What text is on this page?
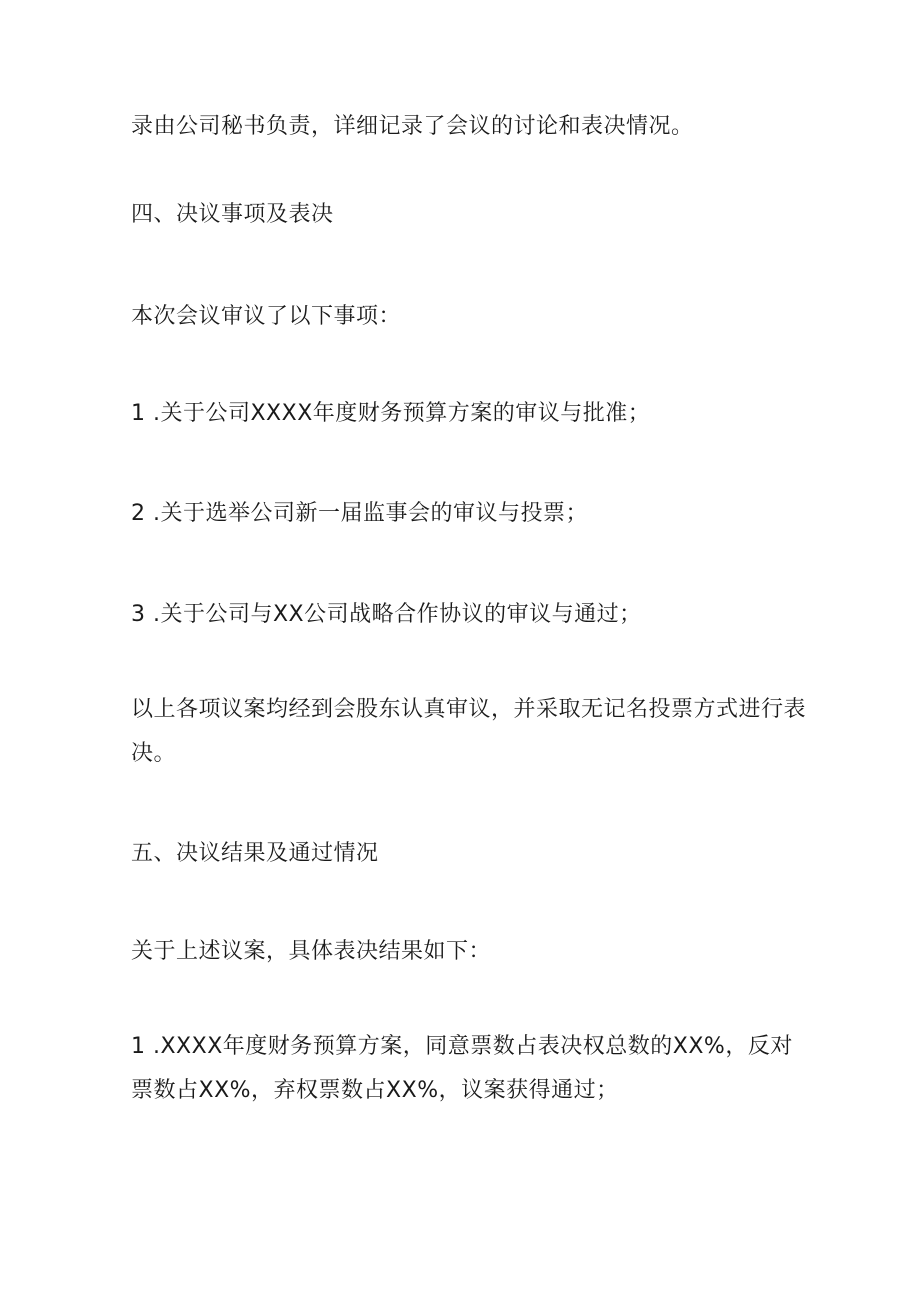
录由公司秘书负责，详细记录了会议的讨论和表决情况。
四、决议事项及表决
本次会议审议了以下事项：
1 .关于公司XXXX年度财务预算方案的审议与批准；
2 .关于选举公司新一届监事会的审议与投票；
3 .关于公司与XX公司战略合作协议的审议与通过；
以上各项议案均经到会股东认真审议，并采取无记名投票方式进行表决。
五、决议结果及通过情况
关于上述议案，具体表决结果如下：
1 .XXXX年度财务预算方案，同意票数占表决权总数的XX%，反对票数占XX%，弃权票数占XX%，议案获得通过；
